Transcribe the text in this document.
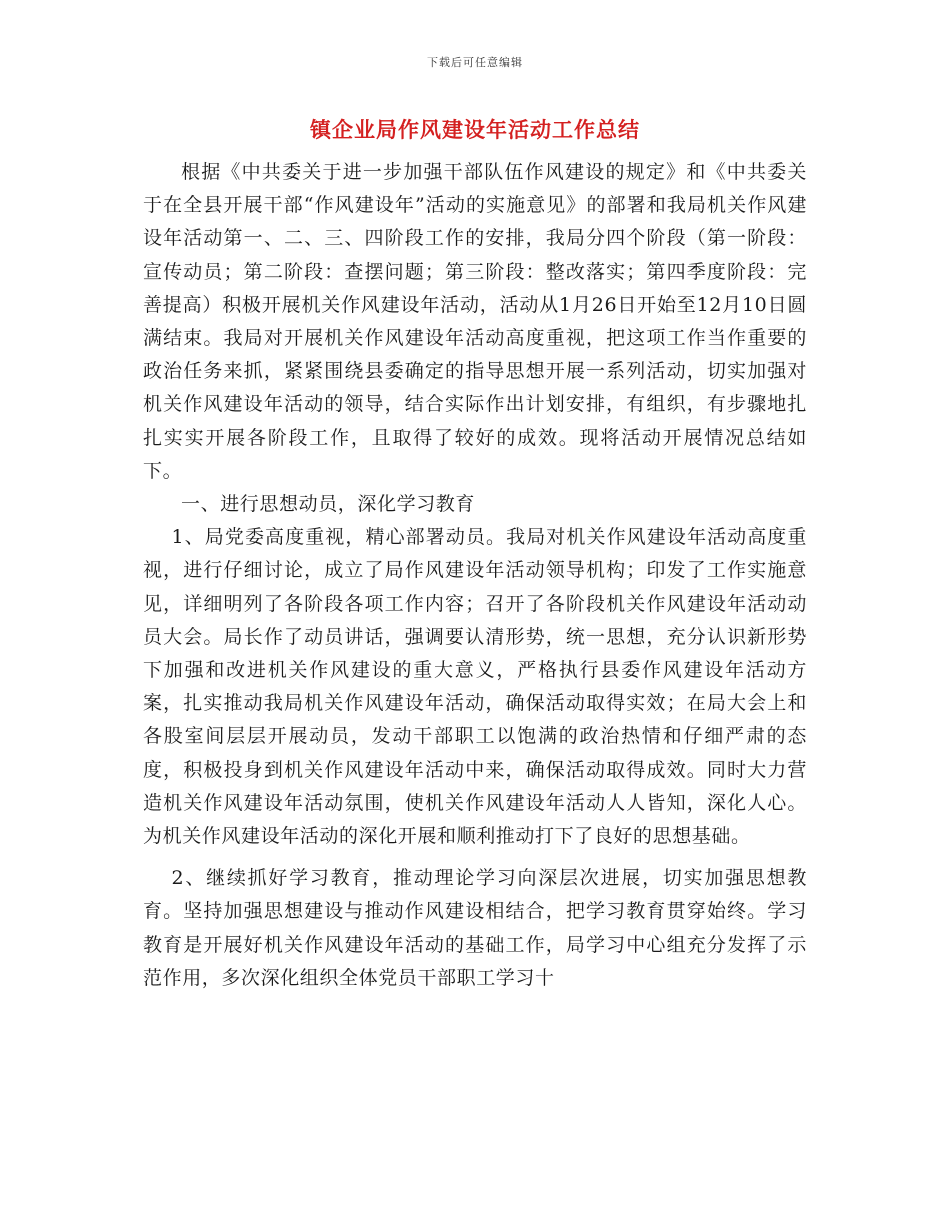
下载后可任意编辑
镇企业局作风建设年活动工作总结

根据《中共委关于进一步加强干部队伍作风建设的规定》和《中共委关于在全县开展干部“作风建设年”活动的实施意见》的部署和我局机关作风建设年活动第一、二、三、四阶段工作的安排，我局分四个阶段（第一阶段：宣传动员；第二阶段：查摆问题；第三阶段：整改落实；第四季度阶段：完善提高）积极开展机关作风建设年活动，活动从1月26日开始至12月10日圆满结束。我局对开展机关作风建设年活动高度重视，把这项工作当作重要的政治任务来抓，紧紧围绕县委确定的指导思想开展一系列活动，切实加强对机关作风建设年活动的领导，结合实际作出计划安排，有组织，有步骤地扎扎实实开展各阶段工作，且取得了较好的成效。现将活动开展情况总结如下。

一、进行思想动员，深化学习教育

1、局党委高度重视，精心部署动员。我局对机关作风建设年活动高度重视，进行仔细讨论，成立了局作风建设年活动领导机构；印发了工作实施意见，详细明列了各阶段各项工作内容；召开了各阶段机关作风建设年活动动员大会。局长作了动员讲话，强调要认清形势，统一思想，充分认识新形势下加强和改进机关作风建设的重大意义，严格执行县委作风建设年活动方案，扎实推动我局机关作风建设年活动，确保活动取得实效；在局大会上和各股室间层层开展动员，发动干部职工以饱满的政治热情和仔细严肃的态度，积极投身到机关作风建设年活动中来，确保活动取得成效。同时大力营造机关作风建设年活动氛围，使机关作风建设年活动人人皆知，深化人心。为机关作风建设年活动的深化开展和顺利推动打下了良好的思想基础。

2、继续抓好学习教育，推动理论学习向深层次进展，切实加强思想教育。坚持加强思想建设与推动作风建设相结合，把学习教育贯穿始终。学习教育是开展好机关作风建设年活动的基础工作，局学习中心组充分发挥了示范作用，多次深化组织全体党员干部职工学习十
